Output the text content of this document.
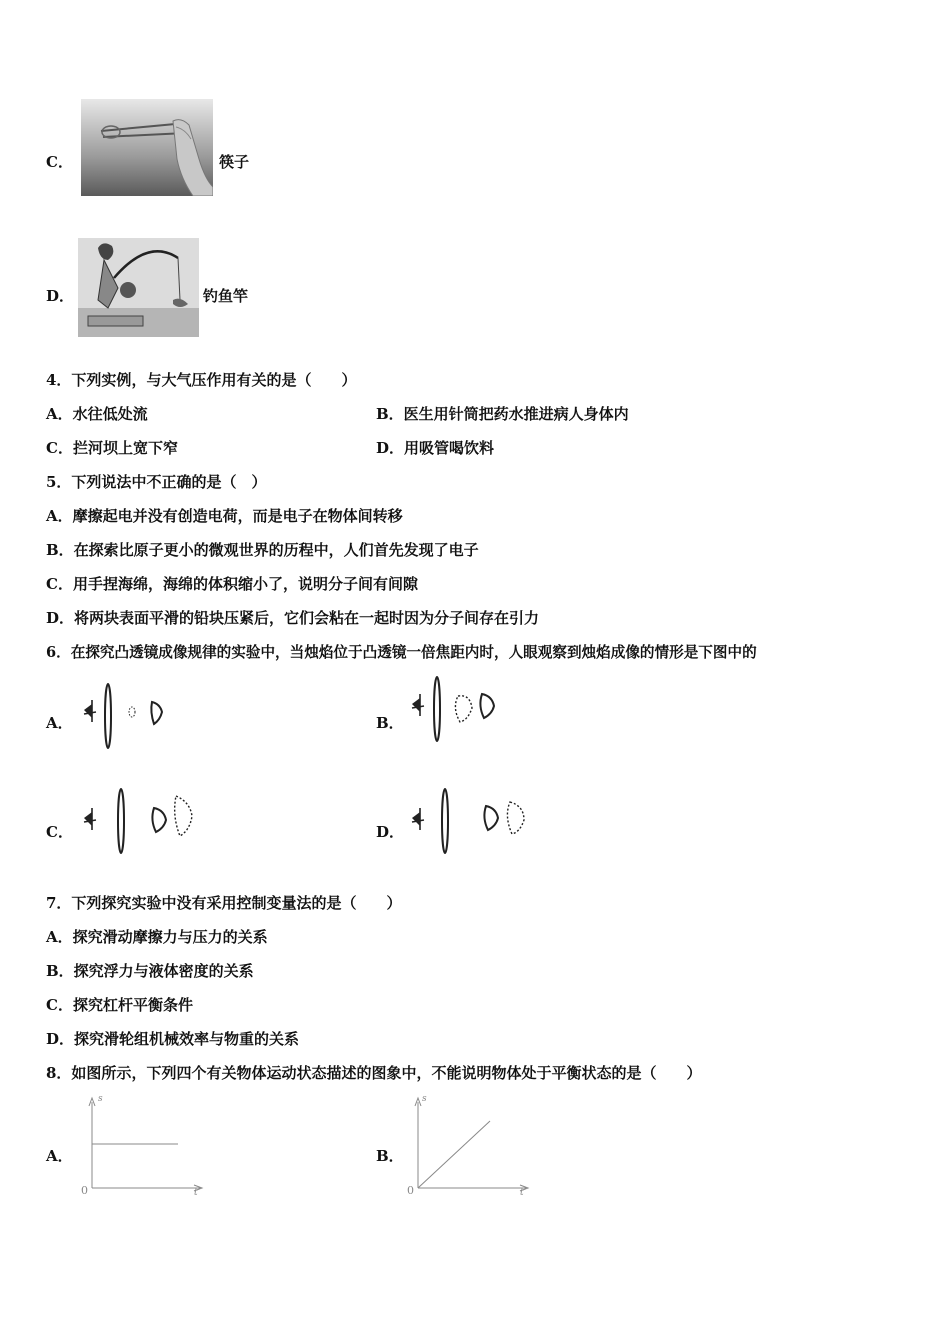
C．	筷子
D．	钓鱼竿
4．下列实例，与大气压作用有关的是（　　）
A．水往低处流	B．医生用针筒把药水推进病人身体内
C．拦河坝上宽下窄	D．用吸管喝饮料
5．下列说法中不正确的是（　）
A．摩擦起电并没有创造电荷，而是电子在物体间转移
B．在探索比原子更小的微观世界的历程中，人们首先发现了电子
C．用手捏海绵，海绵的体积缩小了，说明分子间有间隙
D．将两块表面平滑的铅块压紧后，它们会粘在一起时因为分子间存在引力
6．在探究凸透镜成像规律的实验中，当烛焰位于凸透镜一倍焦距内时，人眼观察到烛焰成像的情形是下图中的
A．	B．
C．	D．
7．下列探究实验中没有采用控制变量法的是（　　）
A．探究滑动摩擦力与压力的关系
B．探究浮力与液体密度的关系
C．探究杠杆平衡条件
D．探究滑轮组机械效率与物重的关系
8．如图所示，下列四个有关物体运动状态描述的图象中，不能说明物体处于平衡状态的是（　　）
A．
s
t
0
B．
s
t
0
